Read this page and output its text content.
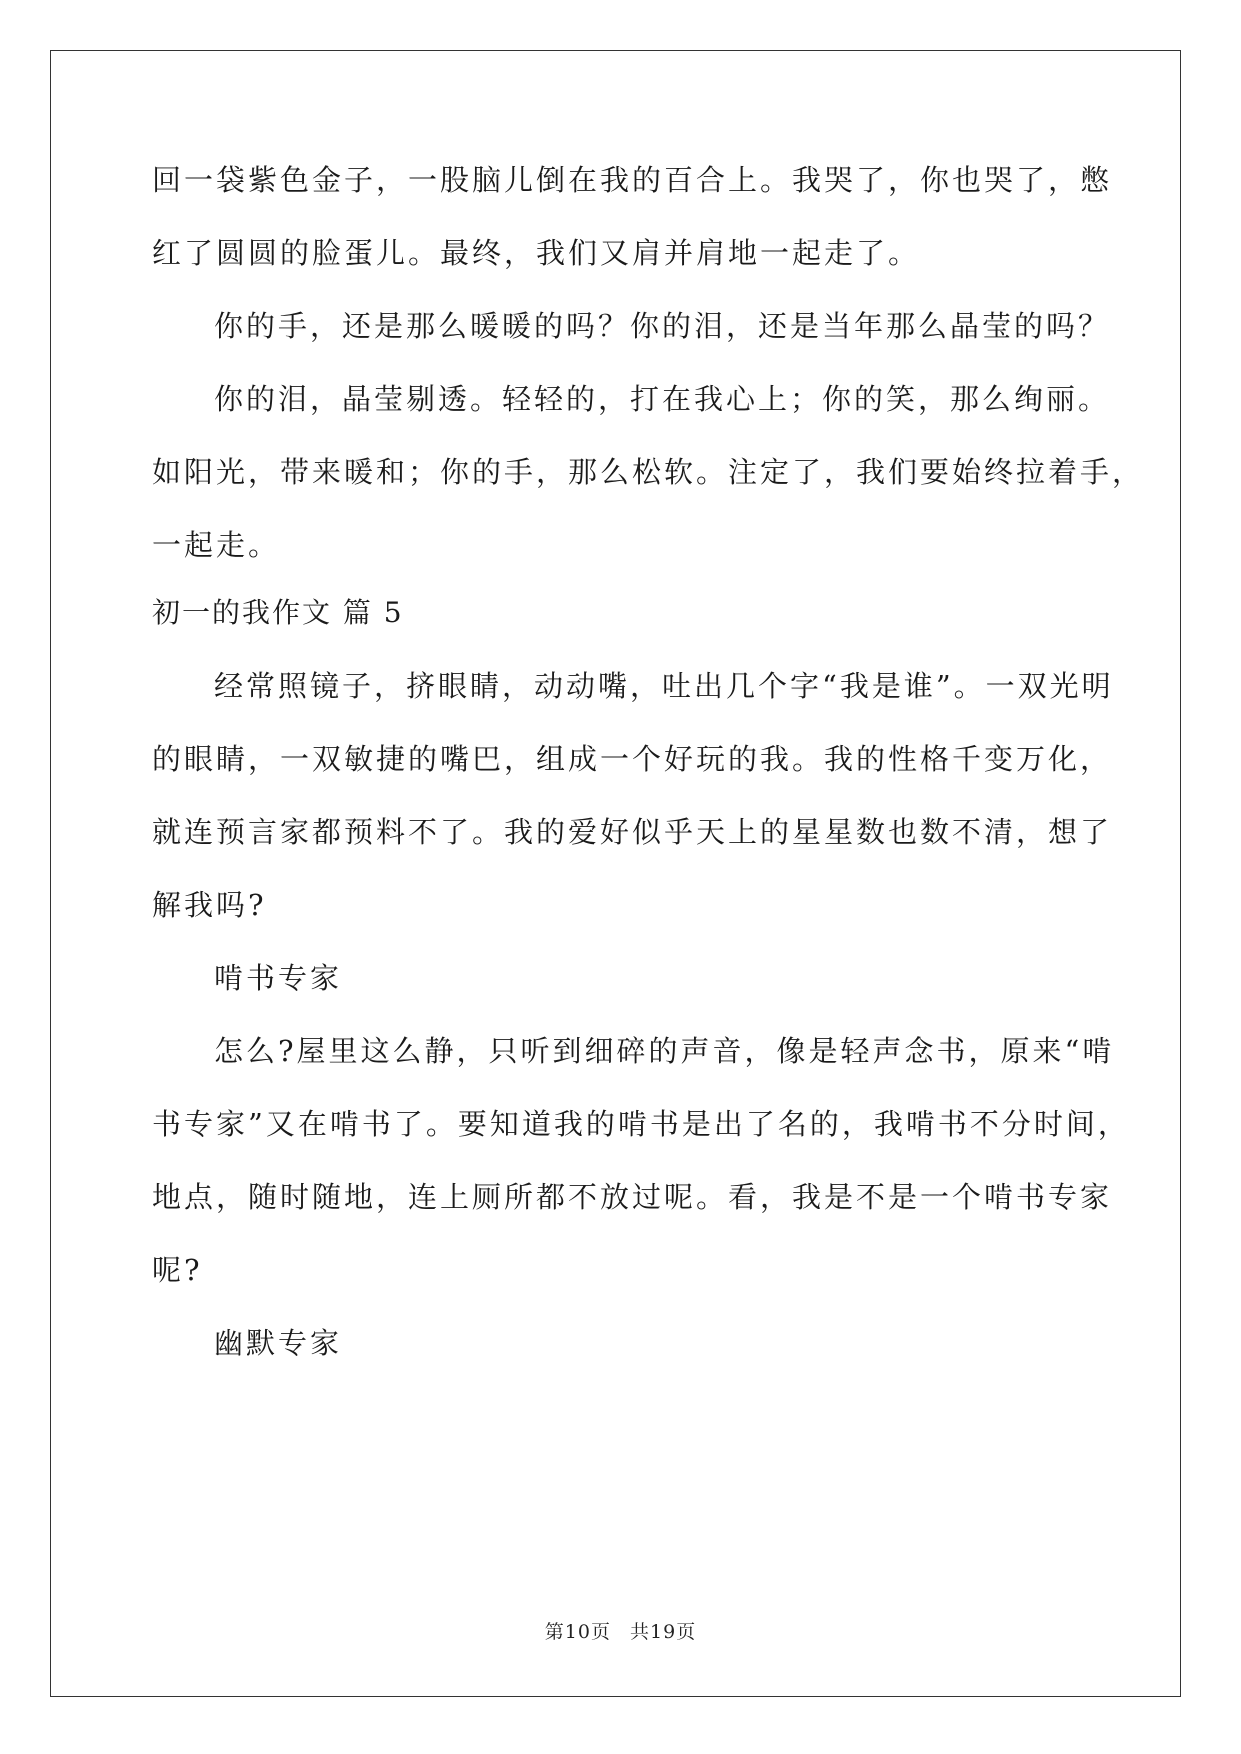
回一袋紫色金子，一股脑儿倒在我的百合上。我哭了，你也哭了，憋
红了圆圆的脸蛋儿。最终，我们又肩并肩地一起走了。
你的手，还是那么暖暖的吗？你的泪，还是当年那么晶莹的吗？
你的泪，晶莹剔透。轻轻的，打在我心上；你的笑，那么绚丽。
如阳光，带来暖和；你的手，那么松软。注定了，我们要始终拉着手，
一起走。
初一的我作文 篇 5
经常照镜子，挤眼睛，动动嘴，吐出几个字“我是谁”。一双光明
的眼睛，一双敏捷的嘴巴，组成一个好玩的我。我的性格千变万化，
就连预言家都预料不了。我的爱好似乎天上的星星数也数不清，想了
解我吗?
啃书专家
怎么?屋里这么静，只听到细碎的声音，像是轻声念书，原来“啃
书专家”又在啃书了。要知道我的啃书是出了名的，我啃书不分时间，
地点，随时随地，连上厕所都不放过呢。看，我是不是一个啃书专家
呢?
幽默专家
第10页 共19页
